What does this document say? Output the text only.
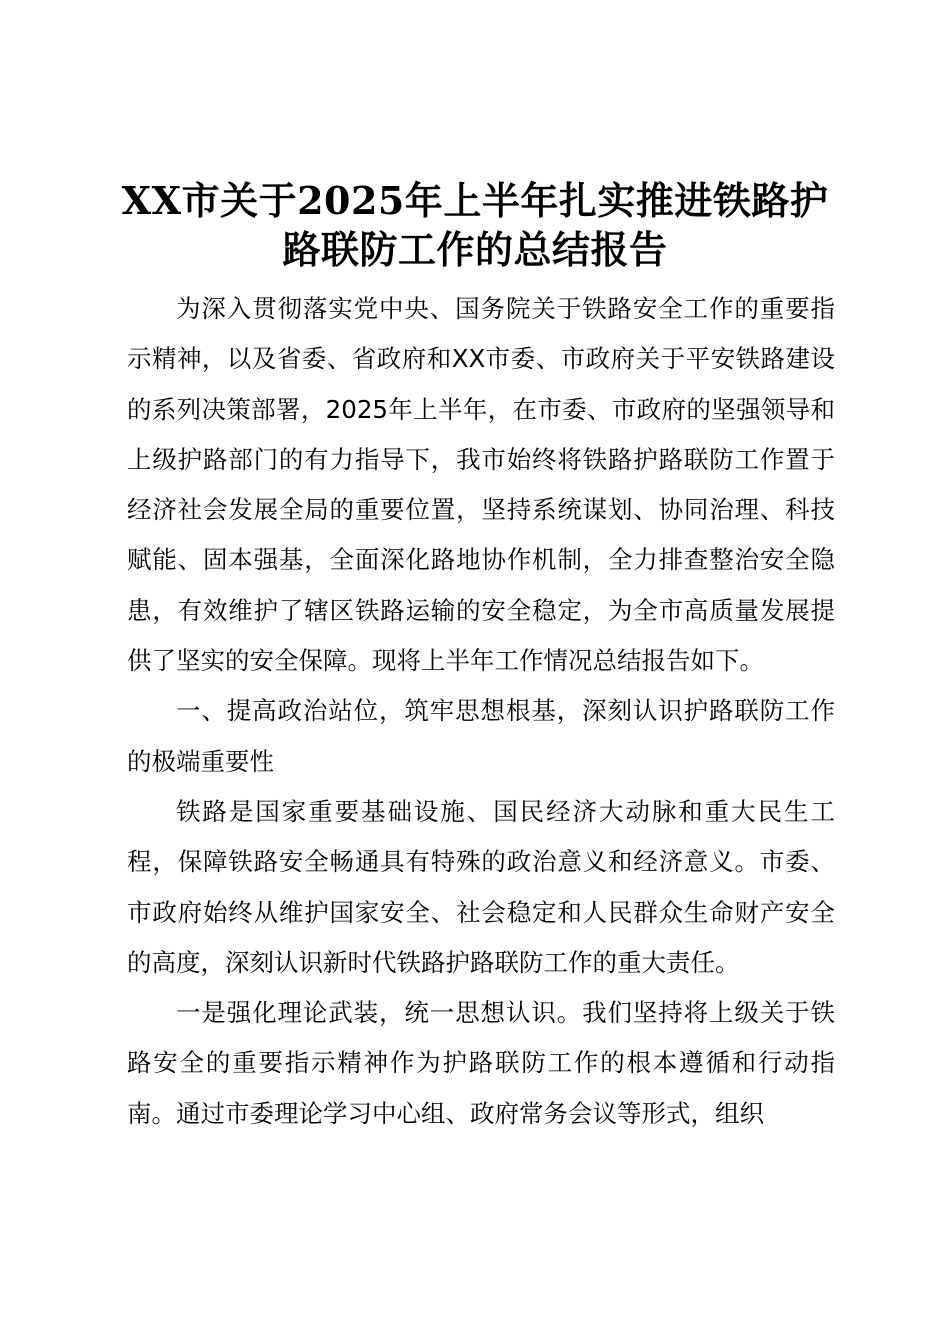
XX市关于2025年上半年扎实推进铁路护路联防工作的总结报告

为深入贯彻落实党中央、国务院关于铁路安全工作的重要指示精神，以及省委、省政府和XX市委、市政府关于平安铁路建设的系列决策部署，2025年上半年，在市委、市政府的坚强领导和上级护路部门的有力指导下，我市始终将铁路护路联防工作置于经济社会发展全局的重要位置，坚持系统谋划、协同治理、科技赋能、固本强基，全面深化路地协作机制，全力排查整治安全隐患，有效维护了辖区铁路运输的安全稳定，为全市高质量发展提供了坚实的安全保障。现将上半年工作情况总结报告如下。

一、提高政治站位，筑牢思想根基，深刻认识护路联防工作的极端重要性

铁路是国家重要基础设施、国民经济大动脉和重大民生工程，保障铁路安全畅通具有特殊的政治意义和经济意义。市委、市政府始终从维护国家安全、社会稳定和人民群众生命财产安全的高度，深刻认识新时代铁路护路联防工作的重大责任。

一是强化理论武装，统一思想认识。我们坚持将上级关于铁路安全的重要指示精神作为护路联防工作的根本遵循和行动指南。通过市委理论学习中心组、政府常务会议等形式，组织
